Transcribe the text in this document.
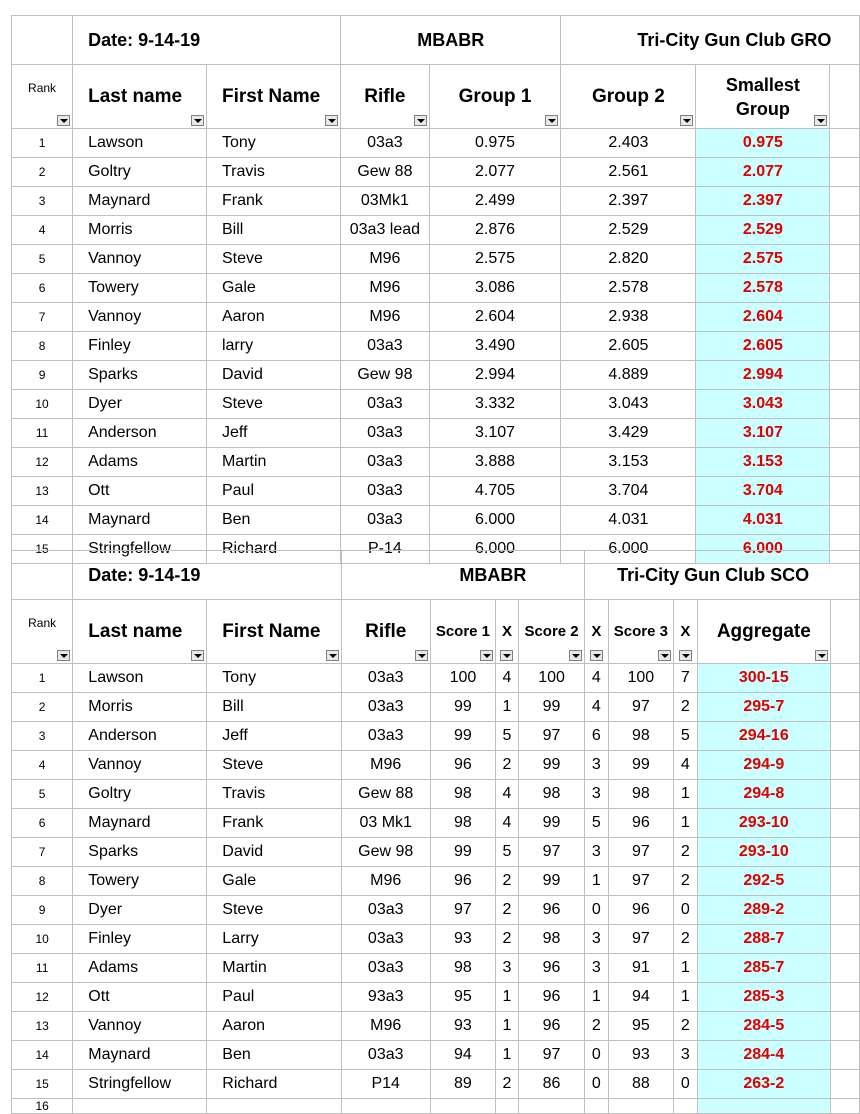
	Date: 9-14-19		MBABR		Tri-City Gun Club GRO		
Rank	Last name	First Name	Rifle	Group 1	Group 2	Smallest
Group

1	Lawson	Tony	03a3	0.975	2.403	0.975	
2	Goltry	Travis	Gew 88	2.077	2.561	2.077	
3	Maynard	Frank	03Mk1	2.499	2.397	2.397	
4	Morris	Bill	03a3 lead	2.876	2.529	2.529	
5	Vannoy	Steve	M96	2.575	2.820	2.575	
6	Towery	Gale	M96	3.086	2.578	2.578	
7	Vannoy	Aaron	M96	2.604	2.938	2.604	
8	Finley	larry	03a3	3.490	2.605	2.605	
9	Sparks	David	Gew 98	2.994	4.889	2.994	
10	Dyer	Steve	03a3	3.332	3.043	3.043	
11	Anderson	Jeff	03a3	3.107	3.429	3.107	
12	Adams	Martin	03a3	3.888	3.153	3.153	
13	Ott	Paul	03a3	4.705	3.704	3.704	
14	Maynard	Ben	03a3	6.000	4.031	4.031	
15	Stringfellow	Richard	P-14	6.000	6.000	6.000	
	Date: 9-14-19		MBABR				Tri-City Gun Club SCO				
Rank	Last name	First Name	Rifle	Score 1	X	Score 2	X	Score 3	X	Aggregate

1	Lawson	Tony	03a3	100	4	100	4	100	7	300-15	
2	Morris	Bill	03a3	99	1	99	4	97	2	295-7	
3	Anderson	Jeff	03a3	99	5	97	6	98	5	294-16	
4	Vannoy	Steve	M96	96	2	99	3	99	4	294-9	
5	Goltry	Travis	Gew 88	98	4	98	3	98	1	294-8	
6	Maynard	Frank	03 Mk1	98	4	99	5	96	1	293-10	
7	Sparks	David	Gew 98	99	5	97	3	97	2	293-10	
8	Towery	Gale	M96	96	2	99	1	97	2	292-5	
9	Dyer	Steve	03a3	97	2	96	0	96	0	289-2	
10	Finley	Larry	03a3	93	2	98	3	97	2	288-7	
11	Adams	Martin	03a3	98	3	96	3	91	1	285-7	
12	Ott	Paul	93a3	95	1	96	1	94	1	285-3	
13	Vannoy	Aaron	M96	93	1	96	2	95	2	284-5	
14	Maynard	Ben	03a3	94	1	97	0	93	3	284-4	
15	Stringfellow	Richard	P14	89	2	86	0	88	0	263-2	
16											
